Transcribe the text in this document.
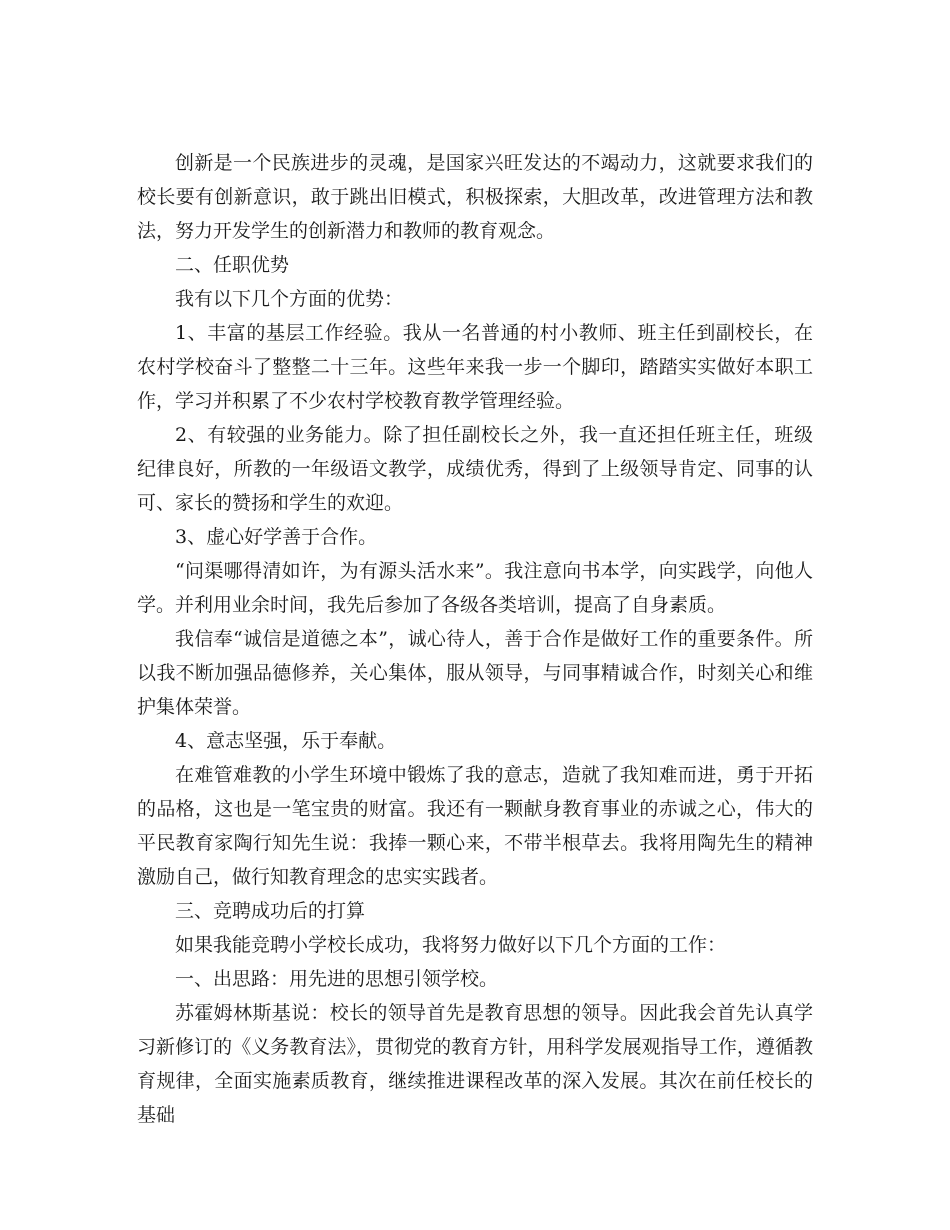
创新是一个民族进步的灵魂，是国家兴旺发达的不竭动力，这就要求我们的校长要有创新意识，敢于跳出旧模式，积极探索，大胆改革，改进管理方法和教法，努力开发学生的创新潜力和教师的教育观念。

二、任职优势

我有以下几个方面的优势：

1、丰富的基层工作经验。我从一名普通的村小教师、班主任到副校长，在农村学校奋斗了整整二十三年。这些年来我一步一个脚印，踏踏实实做好本职工作，学习并积累了不少农村学校教育教学管理经验。

2、有较强的业务能力。除了担任副校长之外，我一直还担任班主任，班级纪律良好，所教的一年级语文教学，成绩优秀，得到了上级领导肯定、同事的认可、家长的赞扬和学生的欢迎。

3、虚心好学善于合作。

“问渠哪得清如许，为有源头活水来”。我注意向书本学，向实践学，向他人学。并利用业余时间，我先后参加了各级各类培训，提高了自身素质。

我信奉“诚信是道德之本”，诚心待人，善于合作是做好工作的重要条件。所以我不断加强品德修养，关心集体，服从领导，与同事精诚合作，时刻关心和维护集体荣誉。

4、意志坚强，乐于奉献。

在难管难教的小学生环境中锻炼了我的意志，造就了我知难而进，勇于开拓的品格，这也是一笔宝贵的财富。我还有一颗献身教育事业的赤诚之心，伟大的平民教育家陶行知先生说：我捧一颗心来，不带半根草去。我将用陶先生的精神激励自己，做行知教育理念的忠实实践者。

三、竞聘成功后的打算

如果我能竞聘小学校长成功，我将努力做好以下几个方面的工作：

一、出思路：用先进的思想引领学校。

苏霍姆林斯基说：校长的领导首先是教育思想的领导。因此我会首先认真学习新修订的《义务教育法》，贯彻党的教育方针，用科学发展观指导工作，遵循教育规律，全面实施素质教育，继续推进课程改革的深入发展。其次在前任校长的基础
